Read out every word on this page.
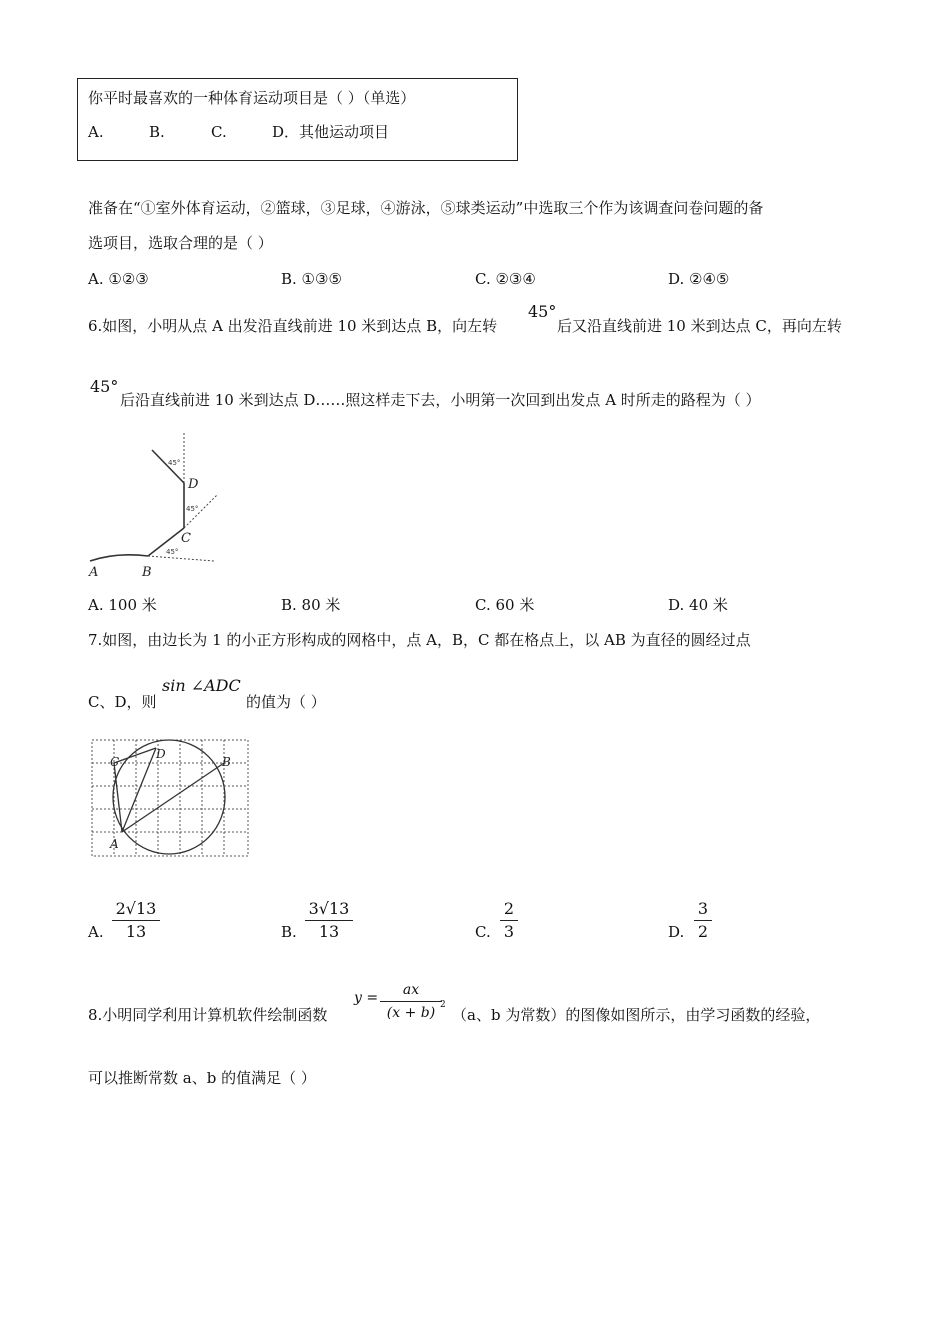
你平时最喜欢的一种体育运动项目是（ ）（单选）
A.	B.	C.	D．其他运动项目
准备在“①室外体育运动，②篮球，③足球，④游泳，⑤球类运动”中选取三个作为该调查问卷问题的备
选项目，选取合理的是（ ）
A. ①②③	B. ①③⑤	C. ②③④	D. ②④⑤
6.如图，小明从点 A 出发沿直线前进 10 米到达点 B，向左转
45°
后又沿直线前进 10 米到达点 C，再向左转
45°
后沿直线前进 10 米到达点 D……照这样走下去，小明第一次回到出发点 A 时所走的路程为（ ）
A	B
C
D
45°
45°
45°
A. 100 米	B. 80 米	C. 60 米	D. 40 米
7.如图，由边长为 1 的小正方形构成的网格中，点 A，B，C 都在格点上，以 AB 为直径的圆经过点
C、D，则
sin ∠ADC
的值为（ ）
A
B
C
D
A.
2√13
13	B.
3√13
13	C.
2
3	D.
3
2
8.小明同学利用计算机软件绘制函数
y =	ax
(x + b) 2
（a、b 为常数）的图像如图所示，由学习函数的经验，
可以推断常数 a、b 的值满足（ ）
